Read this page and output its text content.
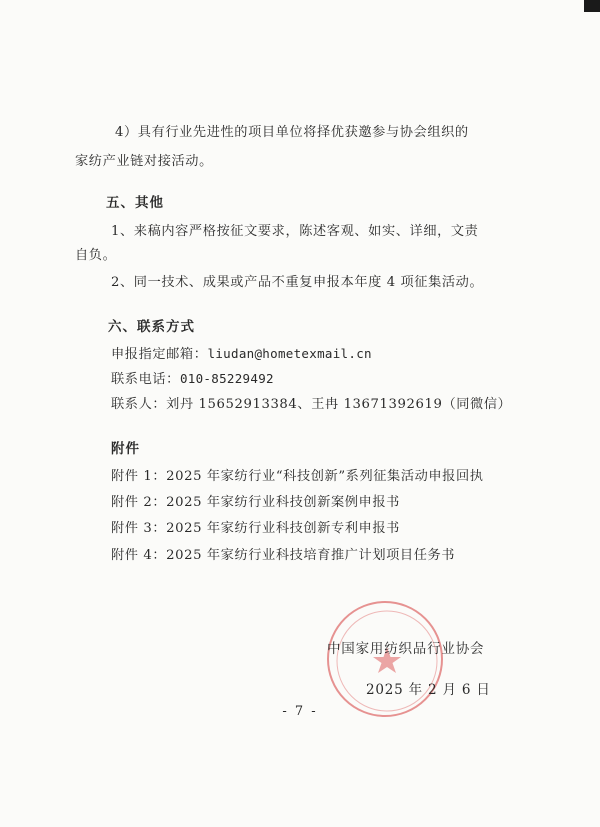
4）具有行业先进性的项目单位将择优获邀参与协会组织的
家纺产业链对接活动。
五、其他
1、来稿内容严格按征文要求，陈述客观、如实、详细，文责
自负。
2、同一技术、成果或产品不重复申报本年度 4 项征集活动。
六、联系方式
申报指定邮箱：liudan@hometexmail.cn
联系电话：010-85229492
联系人：刘丹 15652913384、王冉 13671392619（同微信）
附件
附件 1：2025 年家纺行业“科技创新”系列征集活动申报回执
附件 2：2025 年家纺行业科技创新案例申报书
附件 3：2025 年家纺行业科技创新专利申报书
附件 4：2025 年家纺行业科技培育推广计划项目任务书
中国家用纺织品行业协会
2025 年 2 月 6 日
- 7 -
